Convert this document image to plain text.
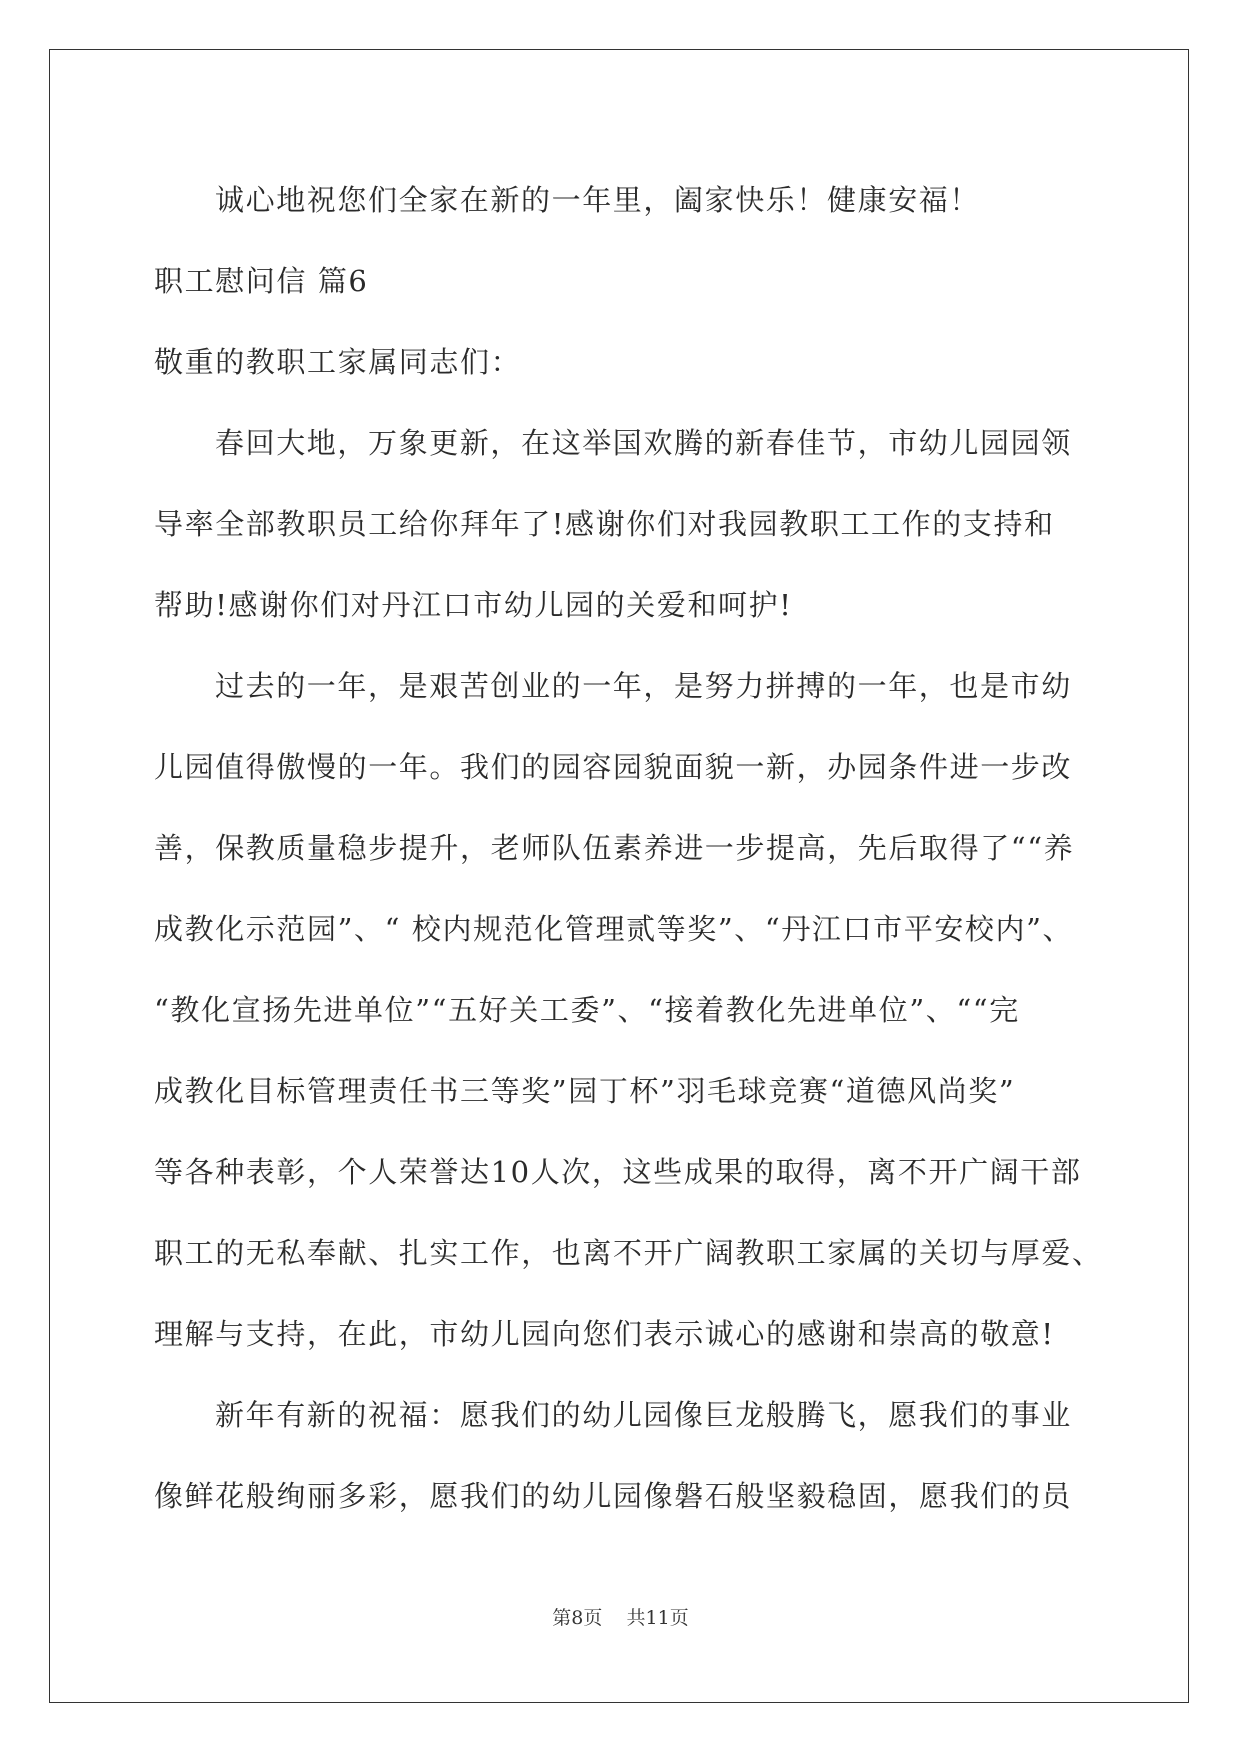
诚心地祝您们全家在新的一年里，阖家快乐！健康安福！
职工慰问信 篇6
敬重的教职工家属同志们：
春回大地，万象更新，在这举国欢腾的新春佳节，市幼儿园园领
导率全部教职员工给你拜年了!感谢你们对我园教职工工作的支持和
帮助!感谢你们对丹江口市幼儿园的关爱和呵护!
过去的一年，是艰苦创业的一年，是努力拼搏的一年，也是市幼
儿园值得傲慢的一年。我们的园容园貌面貌一新，办园条件进一步改
善，保教质量稳步提升，老师队伍素养进一步提高，先后取得了““养
成教化示范园”、“ 校内规范化管理贰等奖”、“丹江口市平安校内”、
“教化宣扬先进单位”“五好关工委”、“接着教化先进单位”、““完
成教化目标管理责任书三等奖”园丁杯”羽毛球竞赛“道德风尚奖”
等各种表彰，个人荣誉达10人次，这些成果的取得，离不开广阔干部
职工的无私奉献、扎实工作，也离不开广阔教职工家属的关切与厚爱、
理解与支持，在此，市幼儿园向您们表示诚心的感谢和崇高的敬意!
新年有新的祝福：愿我们的幼儿园像巨龙般腾飞，愿我们的事业
像鲜花般绚丽多彩，愿我们的幼儿园像磐石般坚毅稳固，愿我们的员
第8页    共11页
